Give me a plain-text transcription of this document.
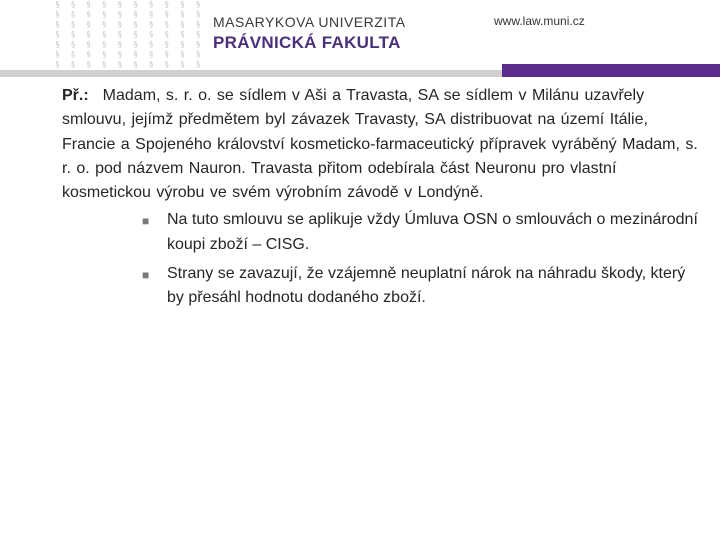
§ § § § § § § § § §
§ § § § § § § § § §
§ § § § § § § § § §
§ § § § § § § § § §
§ § § § § § § § § §
§ § § § § § § § § §
§ § § § § § § § § §
MASARYKOVA UNIVERZITA
PRÁVNICKÁ FAKULTA
www.law.muni.cz

Př.: Madam, s. r. o. se sídlem v Aši a Travasta, SA se sídlem v Milánu uzavřely smlouvu, jejímž předmětem byl závazek Travasty, SA distribuovat na území Itálie, Francie a Spojeného království kosmeticko-farmaceutický přípravek vyráběný Madam, s. r. o. pod názvem Nauron. Travasta přitom odebírala část Neuronu pro vlastní kosmetickou výrobu ve svém výrobním závodě v Londýně.

■ Na tuto smlouvu se aplikuje vždy Úmluva OSN o smlouvách o mezinárodní koupi zboží – CISG.
■ Strany se zavazují, že vzájemně neuplatní nárok na náhradu škody, který by přesáhl hodnotu dodaného zboží.
